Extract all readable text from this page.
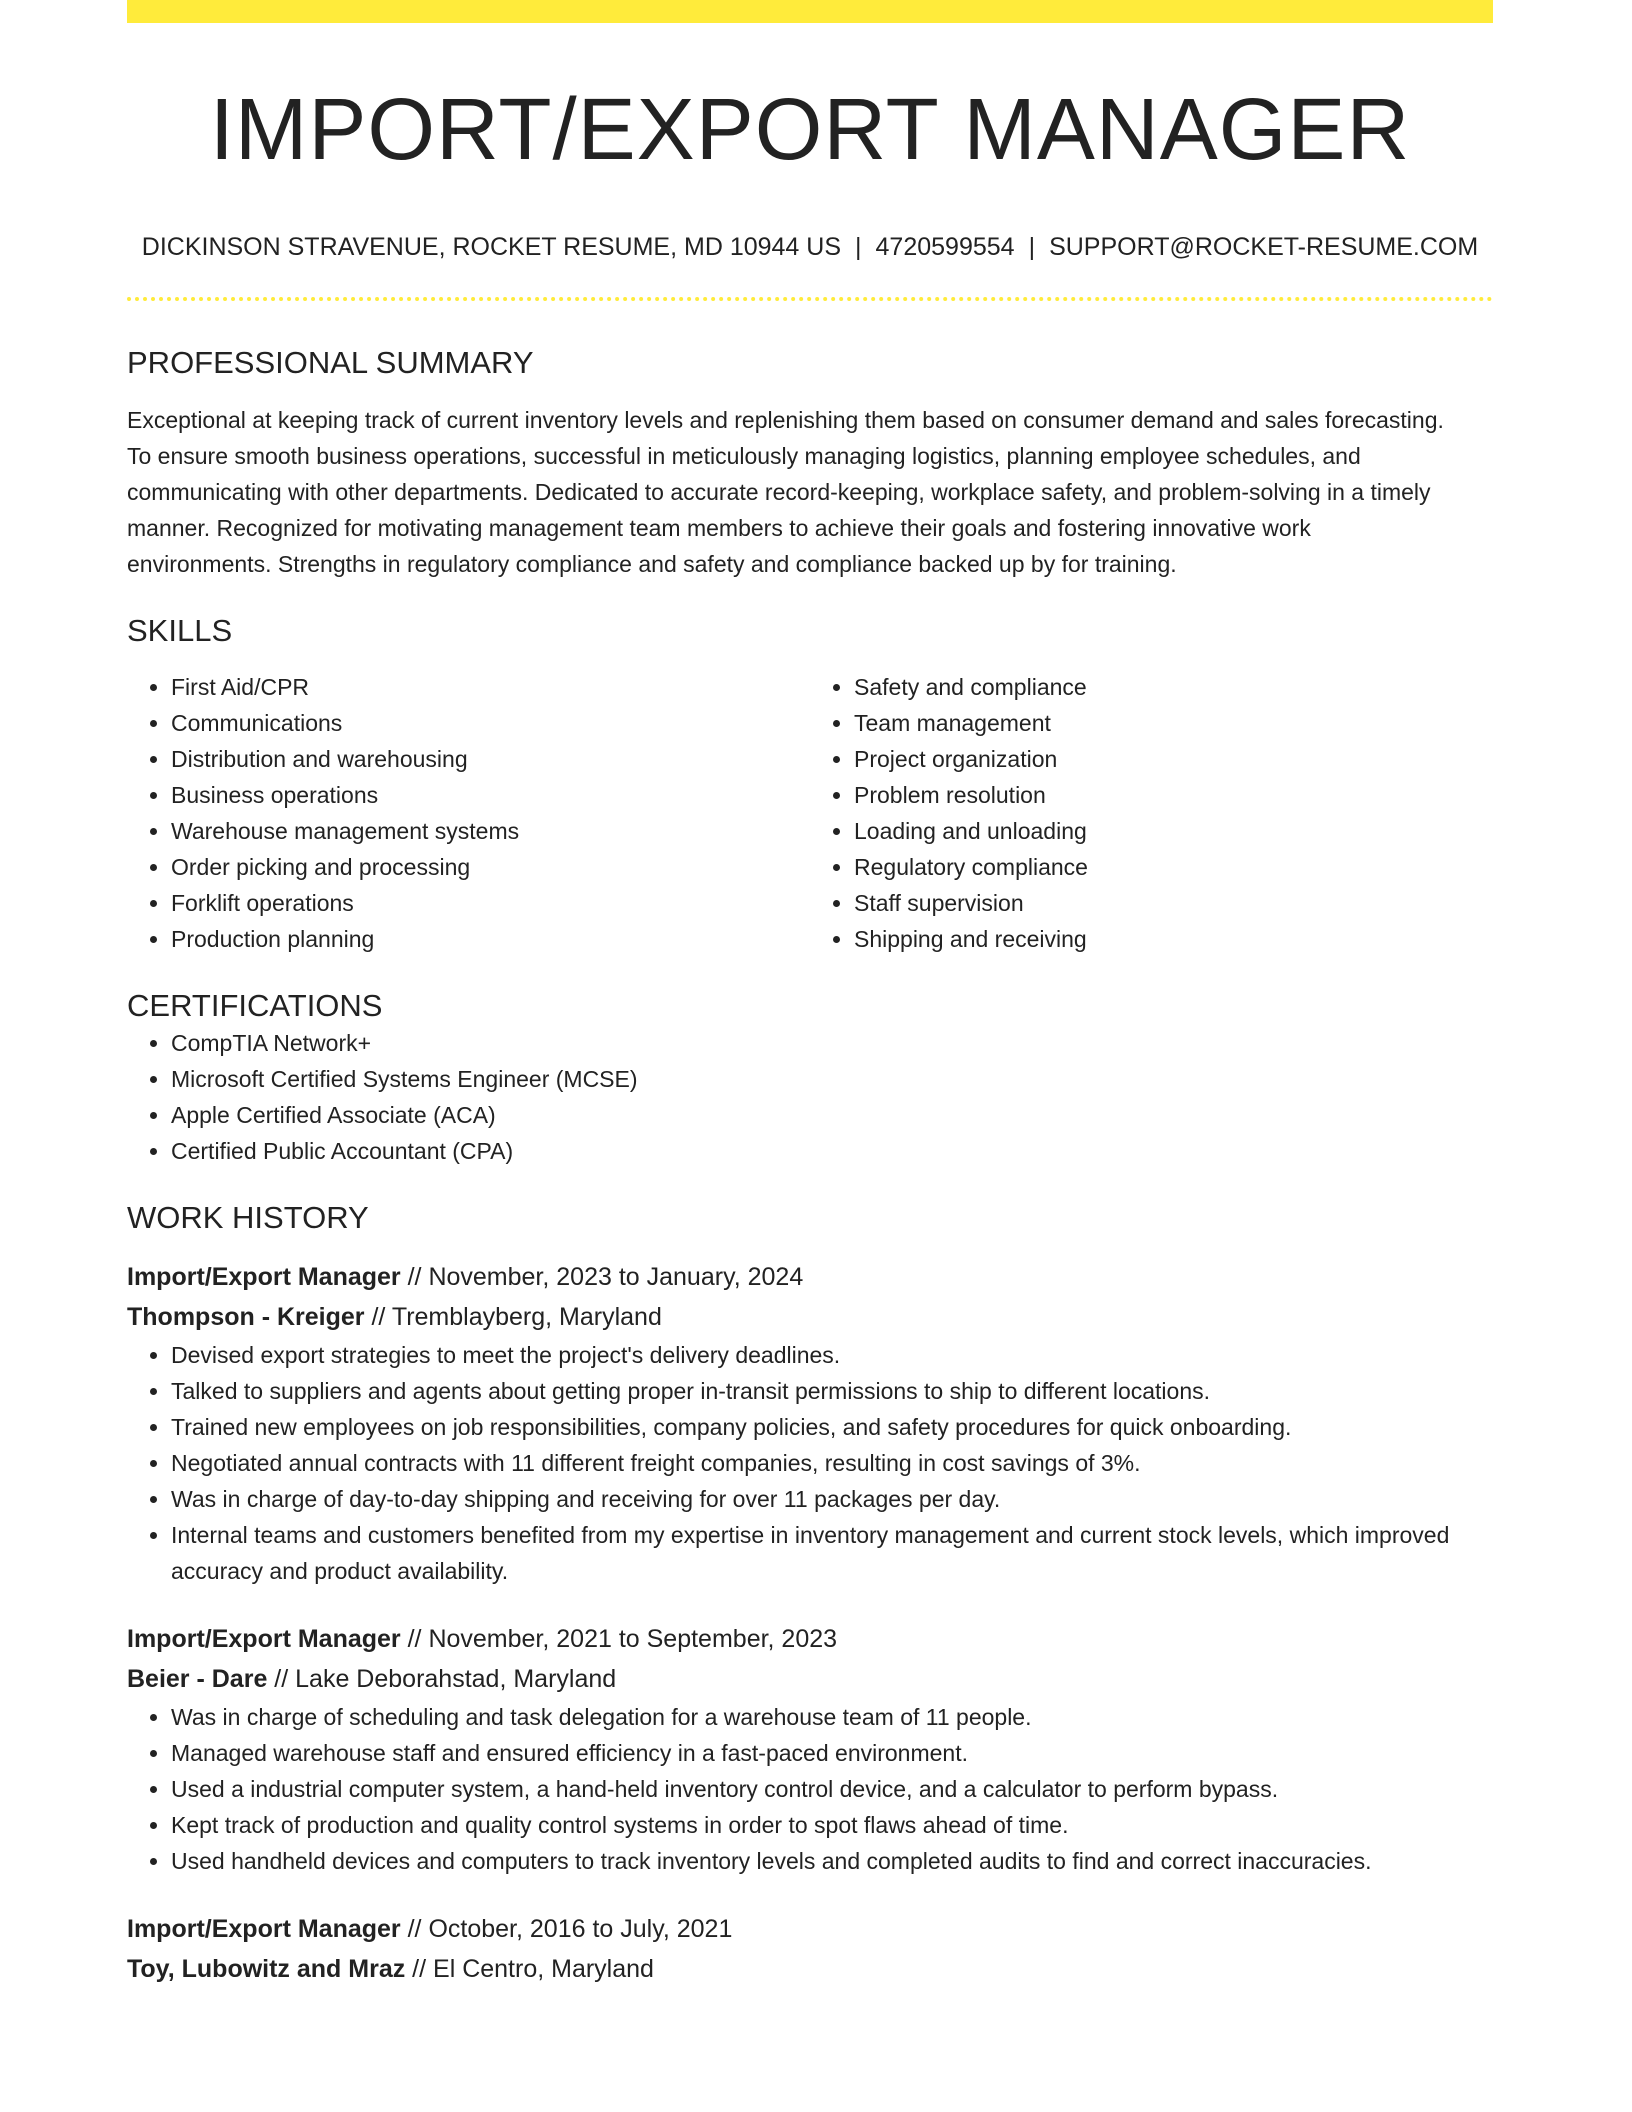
IMPORT/EXPORT MANAGER
DICKINSON STRAVENUE, ROCKET RESUME, MD 10944 US | 4720599554 | SUPPORT@ROCKET-RESUME.COM
PROFESSIONAL SUMMARY

Exceptional at keeping track of current inventory levels and replenishing them based on consumer demand and sales forecasting. To ensure smooth business operations, successful in meticulously managing logistics, planning employee schedules, and communicating with other departments. Dedicated to accurate record-keeping, workplace safety, and problem-solving in a timely manner. Recognized for motivating management team members to achieve their goals and fostering innovative work environments. Strengths in regulatory compliance and safety and compliance backed up by for training.

SKILLS
• First Aid/CPR
• Communications
• Distribution and warehousing
• Business operations
• Warehouse management systems
• Order picking and processing
• Forklift operations
• Production planning
• Safety and compliance
• Team management
• Project organization
• Problem resolution
• Loading and unloading
• Regulatory compliance
• Staff supervision
• Shipping and receiving
CERTIFICATIONS
• CompTIA Network+
• Microsoft Certified Systems Engineer (MCSE)
• Apple Certified Associate (ACA)
• Certified Public Accountant (CPA)
WORK HISTORY
Import/Export Manager // November, 2023 to January, 2024
Thompson - Kreiger // Tremblayberg, Maryland
• Devised export strategies to meet the project's delivery deadlines.
• Talked to suppliers and agents about getting proper in-transit permissions to ship to different locations.
• Trained new employees on job responsibilities, company policies, and safety procedures for quick onboarding.
• Negotiated annual contracts with 11 different freight companies, resulting in cost savings of 3%.
• Was in charge of day-to-day shipping and receiving for over 11 packages per day.
• Internal teams and customers benefited from my expertise in inventory management and current stock levels, which improved accuracy and product availability.
Import/Export Manager // November, 2021 to September, 2023
Beier - Dare // Lake Deborahstad, Maryland
• Was in charge of scheduling and task delegation for a warehouse team of 11 people.
• Managed warehouse staff and ensured efficiency in a fast-paced environment.
• Used a industrial computer system, a hand-held inventory control device, and a calculator to perform bypass.
• Kept track of production and quality control systems in order to spot flaws ahead of time.
• Used handheld devices and computers to track inventory levels and completed audits to find and correct inaccuracies.
Import/Export Manager // October, 2016 to July, 2021
Toy, Lubowitz and Mraz // El Centro, Maryland
